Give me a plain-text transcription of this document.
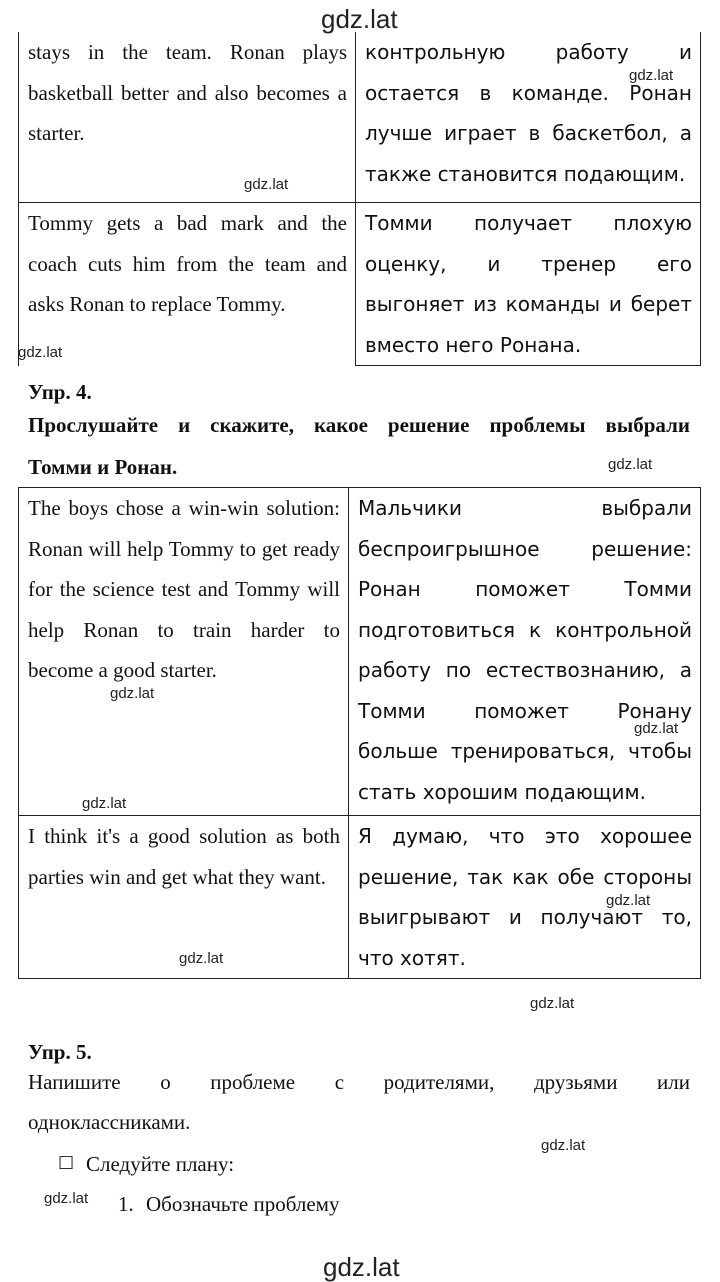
gdz.lat
stays in the team. Ronan plays basketball better and also becomes a starter.	контрольную работу и остается в команде. Ронан лучше играет в баскетбол, а также становится подающим.
Tommy gets a bad mark and the coach cuts him from the team and asks Ronan to replace Tommy.	Томми получает плохую оценку, и тренер его выгоняет из команды и берет вместо него Ронана.
gdz.lat
gdz.lat
gdz.lat
Упр. 4.
Прослушайте и скажите, какое решение проблемы выбрали
Томми и Ронан.	gdz.lat
The boys chose a win-win solution: Ronan will help Tommy to get ready for the science test and Tommy will help Ronan to train harder to become a good starter.	Мальчики выбрали беспроигрышное решение: Ронан поможет Томми подготовиться к контрольной работу по естествознанию, а Томми поможет Ронану больше тренироваться, чтобы стать хорошим подающим.
I think it's a good solution as both parties win and get what they want.	Я думаю, что это хорошее решение, так как обе стороны выигрывают и получают то, что хотят.
gdz.lat
gdz.lat
gdz.lat
gdz.lat
gdz.lat
gdz.lat
Упр. 5.
Напишите о проблеме с родителями, друзьями или
одноклассниками.
gdz.lat
□ Следуйте плану:
gdz.lat 1. Обозначьте проблему
gdz.lat
